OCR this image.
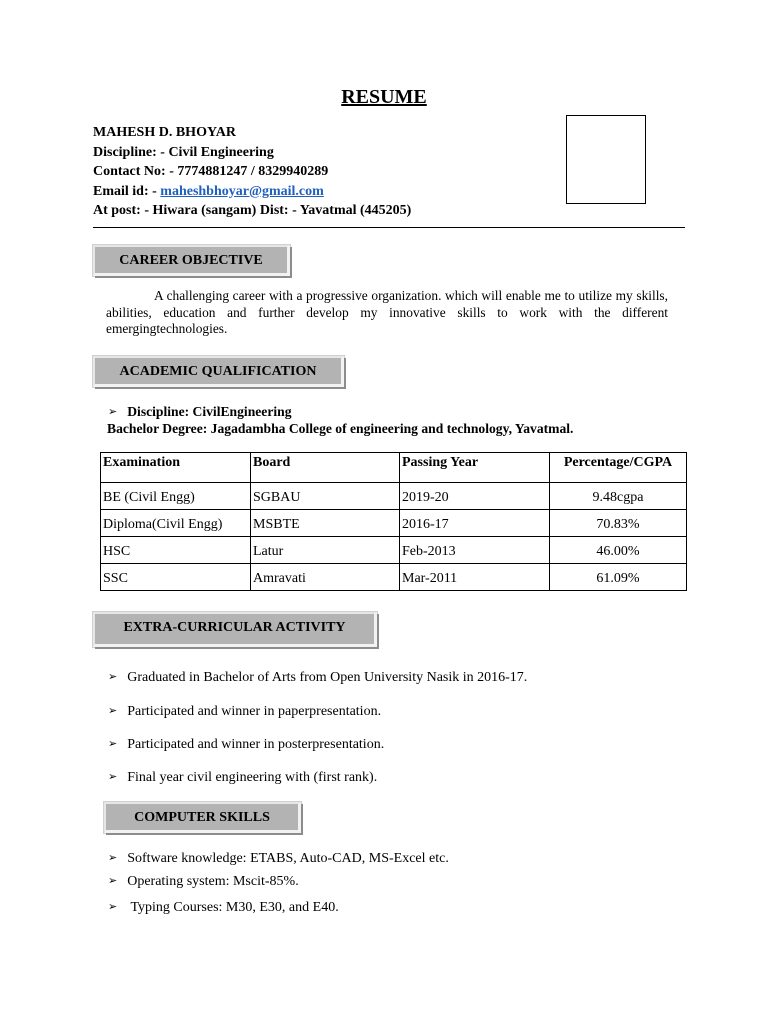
RESUME
MAHESH D. BHOYAR
Discipline: - Civil Engineering
Contact No: - 7774881247 / 8329940289
Email id: - maheshbhoyar@gmail.com
At post: - Hiwara (sangam) Dist: - Yavatmal (445205)
CAREER OBJECTIVE
A challenging career with a progressive organization. which will enable me to utilize my skills, abilities, education and further develop my innovative skills to work with the different emergingtechnologies.
ACADEMIC QUALIFICATION
➢ Discipline: CivilEngineering
Bachelor Degree: Jagadambha College of engineering and technology, Yavatmal.
Examination	Board	Passing Year	Percentage/CGPA
BE (Civil Engg)	SGBAU	2019-20	9.48cgpa
Diploma(Civil Engg)	MSBTE	2016-17	70.83%
HSC	Latur	Feb-2013	46.00%
SSC	Amravati	Mar-2011	61.09%
EXTRA-CURRICULAR ACTIVITY
➢ Graduated in Bachelor of Arts from Open University Nasik in 2016-17.
➢ Participated and winner in paperpresentation.
➢ Participated and winner in posterpresentation.
➢ Final year civil engineering with (first rank).
COMPUTER SKILLS
➢ Software knowledge: ETABS, Auto-CAD, MS-Excel etc.
➢ Operating system: Mscit-85%.
➢ Typing Courses: M30, E30, and E40.
